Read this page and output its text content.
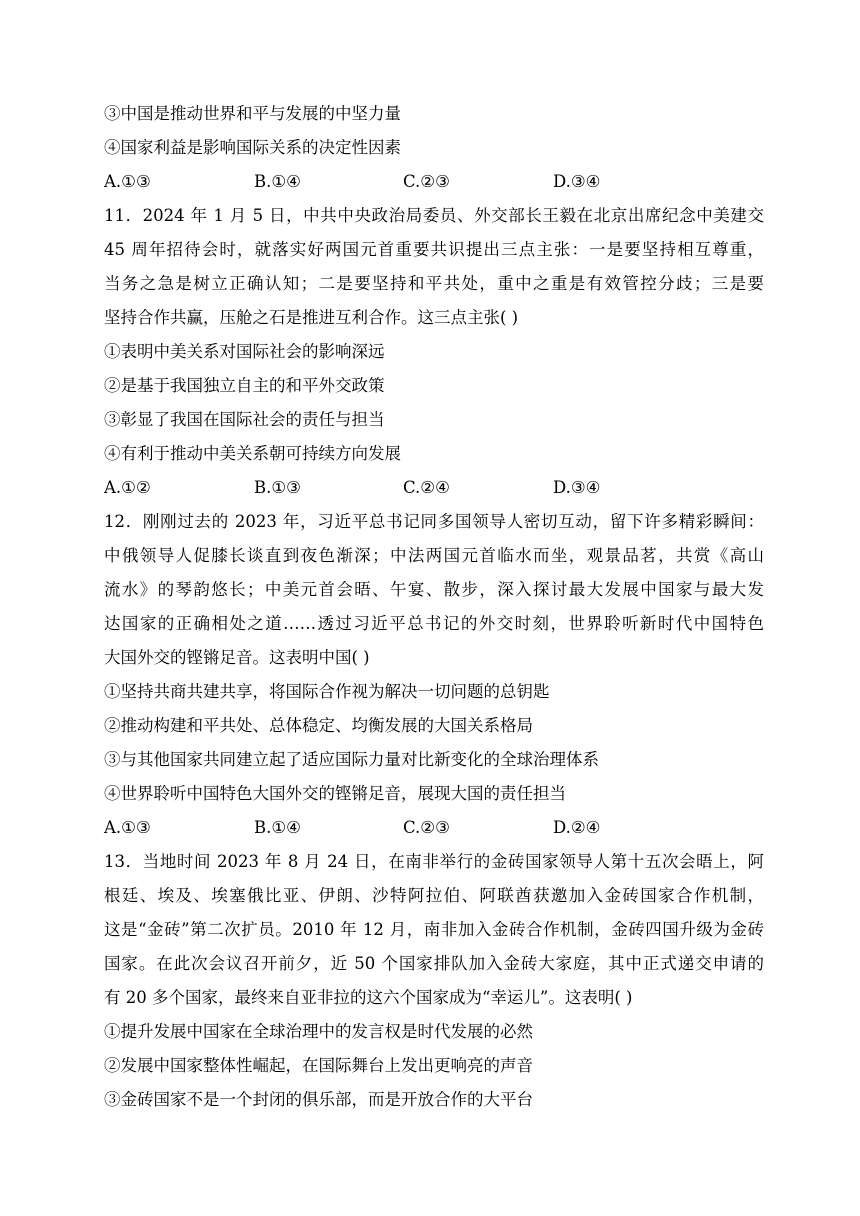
③中国是推动世界和平与发展的中坚力量
④国家利益是影响国际关系的决定性因素
A.①③	B.①④	C.②③	D.③④
11．2024 年 1 月 5 日，中共中央政治局委员、外交部长王毅在北京出席纪念中美建交
45 周年招待会时，就落实好两国元首重要共识提出三点主张：一是要坚持相互尊重，
当务之急是树立正确认知；二是要坚持和平共处，重中之重是有效管控分歧；三是要
坚持合作共赢，压舱之石是推进互利合作。这三点主张( )
①表明中美关系对国际社会的影响深远
②是基于我国独立自主的和平外交政策
③彰显了我国在国际社会的责任与担当
④有利于推动中美关系朝可持续方向发展
A.①②	B.①③	C.②④	D.③④
12．刚刚过去的 2023 年，习近平总书记同多国领导人密切互动，留下许多精彩瞬间：
中俄领导人促膝长谈直到夜色渐深；中法两国元首临水而坐，观景品茗，共赏《高山
流水》的琴韵悠长；中美元首会晤、午宴、散步，深入探讨最大发展中国家与最大发
达国家的正确相处之道……透过习近平总书记的外交时刻，世界聆听新时代中国特色
大国外交的铿锵足音。这表明中国( )
①坚持共商共建共享，将国际合作视为解决一切问题的总钥匙
②推动构建和平共处、总体稳定、均衡发展的大国关系格局
③与其他国家共同建立起了适应国际力量对比新变化的全球治理体系
④世界聆听中国特色大国外交的铿锵足音，展现大国的责任担当
A.①③	B.①④	C.②③	D.②④
13．当地时间 2023 年 8 月 24 日，在南非举行的金砖国家领导人第十五次会晤上，阿
根廷、埃及、埃塞俄比亚、伊朗、沙特阿拉伯、阿联酋获邀加入金砖国家合作机制，
这是“金砖”第二次扩员。2010 年 12 月，南非加入金砖合作机制，金砖四国升级为金砖
国家。在此次会议召开前夕，近 50 个国家排队加入金砖大家庭，其中正式递交申请的
有 20 多个国家，最终来自亚非拉的这六个国家成为“幸运儿”。这表明( )
①提升发展中国家在全球治理中的发言权是时代发展的必然
②发展中国家整体性崛起，在国际舞台上发出更响亮的声音
③金砖国家不是一个封闭的俱乐部，而是开放合作的大平台
